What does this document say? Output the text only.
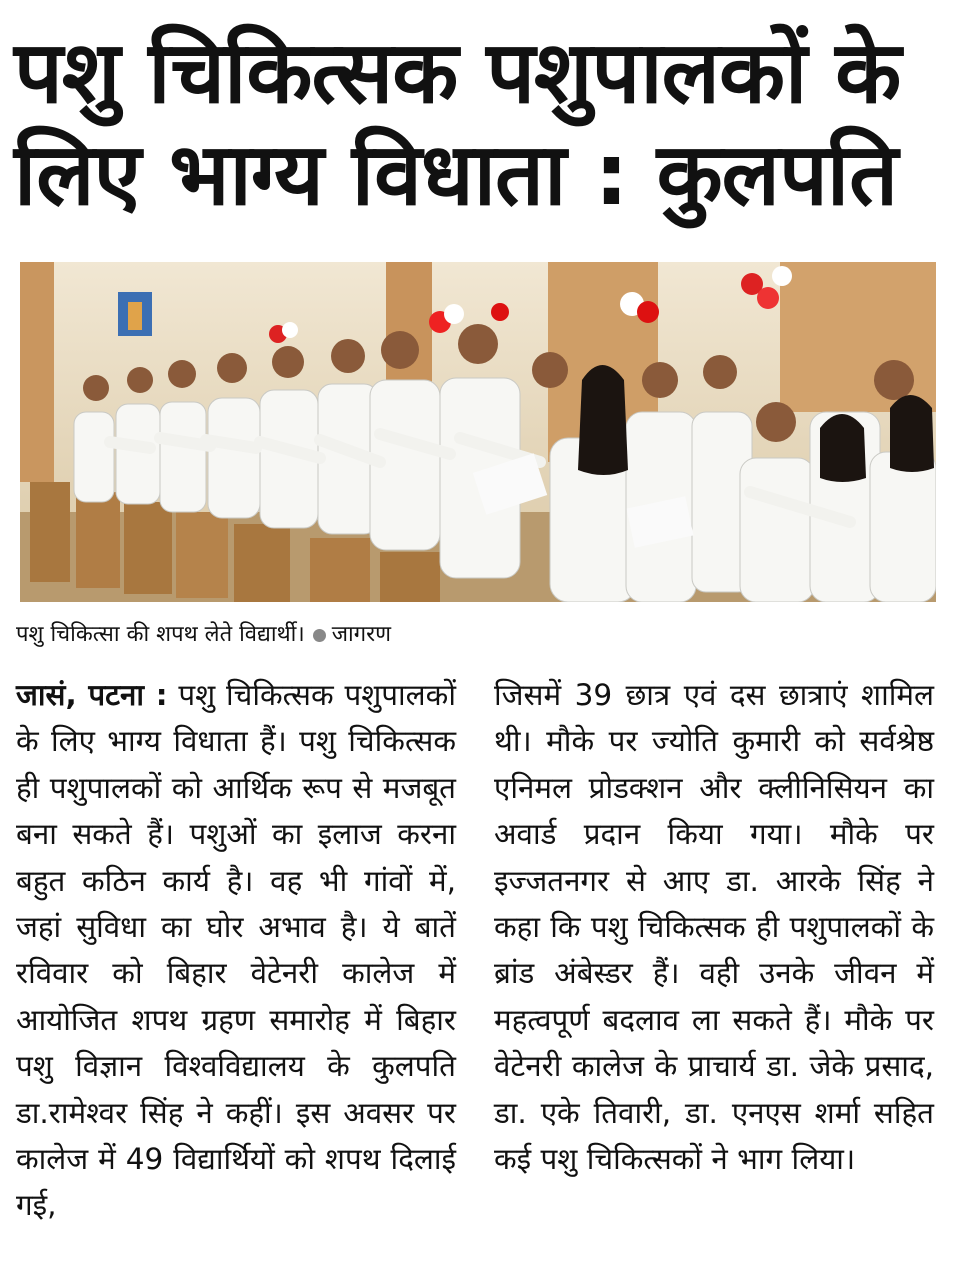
पशु चिकित्सक पशुपालकों के
लिए भाग्य विधाता : कुलपति
पशु चिकित्सा की शपथ लेते विद्यार्थी। जागरण

जासं, पटना : पशु चिकित्सक पशुपालकों के लिए भाग्य विधाता हैं। पशु चिकित्सक ही पशुपालकों को आर्थिक रूप से मजबूत बना सकते हैं। पशुओं का इलाज करना बहुत कठिन कार्य है। वह भी गांवों में, जहां सुविधा का घोर अभाव है। ये बातें रविवार को बिहार वेटेनरी कालेज में आयोजित शपथ ग्रहण समारोह में बिहार पशु विज्ञान विश्वविद्यालय के कुलपति डा.रामेश्वर सिंह ने कहीं। इस अवसर पर कालेज में 49 विद्यार्थियों को शपथ दिलाई गई,

जिसमें 39 छात्र एवं दस छात्राएं शामिल थी। मौके पर ज्योति कुमारी को सर्वश्रेष्ठ एनिमल प्रोडक्शन और क्लीनिसियन का अवार्ड प्रदान किया गया। मौके पर इज्जतनगर से आए डा. आरके सिंह ने कहा कि पशु चिकित्सक ही पशुपालकों के ब्रांड अंबेस्डर हैं। वही उनके जीवन में महत्वपूर्ण बदलाव ला सकते हैं। मौके पर वेटेनरी कालेज के प्राचार्य डा. जेके प्रसाद, डा. एके तिवारी, डा. एनएस शर्मा सहित कई पशु चिकित्सकों ने भाग लिया।
